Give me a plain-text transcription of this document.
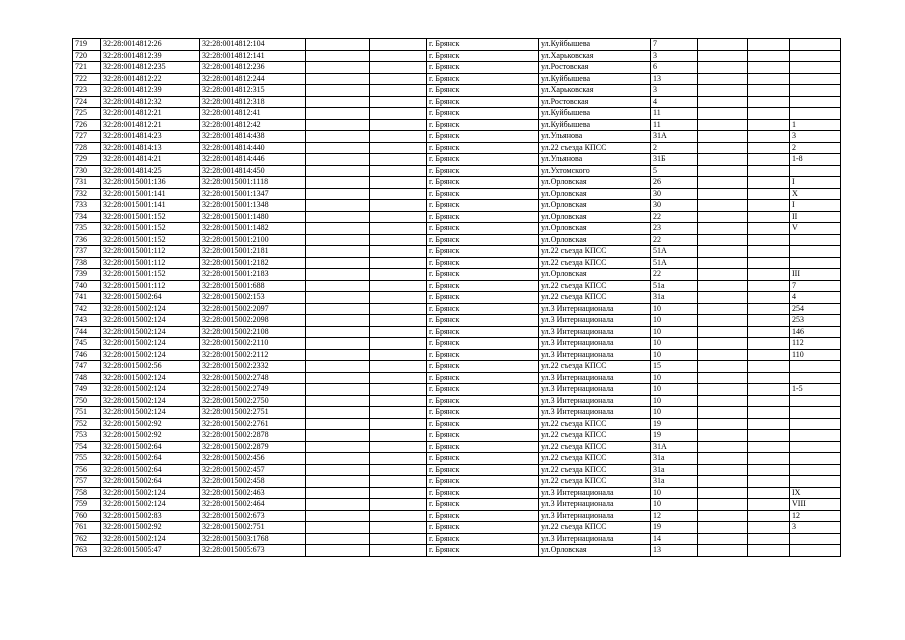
719	32:28:0014812:26	32:28:0014812:104			г. Брянск	ул.Куйбышева	7			
720	32:28:0014812:39	32:28:0014812:141			г. Брянск	ул.Харьковская	3			
721	32:28:0014812:235	32:28:0014812:236			г. Брянск	ул.Ростовская	6			
722	32:28:0014812:22	32:28:0014812:244			г. Брянск	ул.Куйбышева	13			
723	32:28:0014812:39	32:28:0014812:315			г. Брянск	ул.Харьковская	3			
724	32:28:0014812:32	32:28:0014812:318			г. Брянск	ул.Ростовская	4			
725	32:28:0014812:21	32:28:0014812:41			г. Брянск	ул.Куйбышева	11			
726	32:28:0014812:21	32:28:0014812:42			г. Брянск	ул.Куйбышева	11			1
727	32:28:0014814:23	32:28:0014814:438			г. Брянск	ул.Ульянова	31А			3
728	32:28:0014814:13	32:28:0014814:440			г. Брянск	ул.22 съезда КПСС	2			2
729	32:28:0014814:21	32:28:0014814:446			г. Брянск	ул.Ульянова	31Б			1-8
730	32:28:0014814:25	32:28:0014814:450			г. Брянск	ул.Ухтомского	5			
731	32:28:0015001:136	32:28:0015001:1118			г. Брянск	ул.Орловская	26			I
732	32:28:0015001:141	32:28:0015001:1347			г. Брянск	ул.Орловская	30			X
733	32:28:0015001:141	32:28:0015001:1348			г. Брянск	ул.Орловская	30			I
734	32:28:0015001:152	32:28:0015001:1480			г. Брянск	ул.Орловская	22			II
735	32:28:0015001:152	32:28:0015001:1482			г. Брянск	ул.Орловская	23			V
736	32:28:0015001:152	32:28:0015001:2100			г. Брянск	ул.Орловская	22			
737	32:28:0015001:112	32:28:0015001:2181			г. Брянск	ул.22 съезда КПСС	51А			
738	32:28:0015001:112	32:28:0015001:2182			г. Брянск	ул.22 съезда КПСС	51А			
739	32:28:0015001:152	32:28:0015001:2183			г. Брянск	ул.Орловская	22			III
740	32:28:0015001:112	32:28:0015001:688			г. Брянск	ул.22 съезда КПСС	51а			7
741	32:28:0015002:64	32:28:0015002:153			г. Брянск	ул.22 съезда КПСС	31а			4
742	32:28:0015002:124	32:28:0015002:2097			г. Брянск	ул.3 Интернационала	10			254
743	32:28:0015002:124	32:28:0015002:2098			г. Брянск	ул.3 Интернационала	10			253
744	32:28:0015002:124	32:28:0015002:2108			г. Брянск	ул.3 Интернационала	10			146
745	32:28:0015002:124	32:28:0015002:2110			г. Брянск	ул.3 Интернационала	10			112
746	32:28:0015002:124	32:28:0015002:2112			г. Брянск	ул.3 Интернационала	10			110
747	32:28:0015002:56	32:28:0015002:2332			г. Брянск	ул.22 съезда КПСС	15			
748	32:28:0015002:124	32:28:0015002:2748			г. Брянск	ул.3 Интернационала	10			
749	32:28:0015002:124	32:28:0015002:2749			г. Брянск	ул.3 Интернационала	10			1-5
750	32:28:0015002:124	32:28:0015002:2750			г. Брянск	ул.3 Интернационала	10			
751	32:28:0015002:124	32:28:0015002:2751			г. Брянск	ул.3 Интернационала	10			
752	32:28:0015002:92	32:28:0015002:2761			г. Брянск	ул.22 съезда КПСС	19			
753	32:28:0015002:92	32:28:0015002:2878			г. Брянск	ул.22 съезда КПСС	19			
754	32:28:0015002:64	32:28:0015002:2879			г. Брянск	ул.22 съезда КПСС	31А			
755	32:28:0015002:64	32:28:0015002:456			г. Брянск	ул.22 съезда КПСС	31а			
756	32:28:0015002:64	32:28:0015002:457			г. Брянск	ул.22 съезда КПСС	31а			
757	32:28:0015002:64	32:28:0015002:458			г. Брянск	ул.22 съезда КПСС	31а			
758	32:28:0015002:124	32:28:0015002:463			г. Брянск	ул.3 Интернационала	10			IX
759	32:28:0015002:124	32:28:0015002:464			г. Брянск	ул.3 Интернационала	10			VIII
760	32:28:0015002:83	32:28:0015002:673			г. Брянск	ул.3 Интернационала	12			12
761	32:28:0015002:92	32:28:0015002:751			г. Брянск	ул.22 съезда КПСС	19			3
762	32:28:0015002:124	32:28:0015003:1768			г. Брянск	ул.3 Интернационала	14			
763	32:28:0015005:47	32:28:0015005:673			г. Брянск	ул.Орловская	13			
